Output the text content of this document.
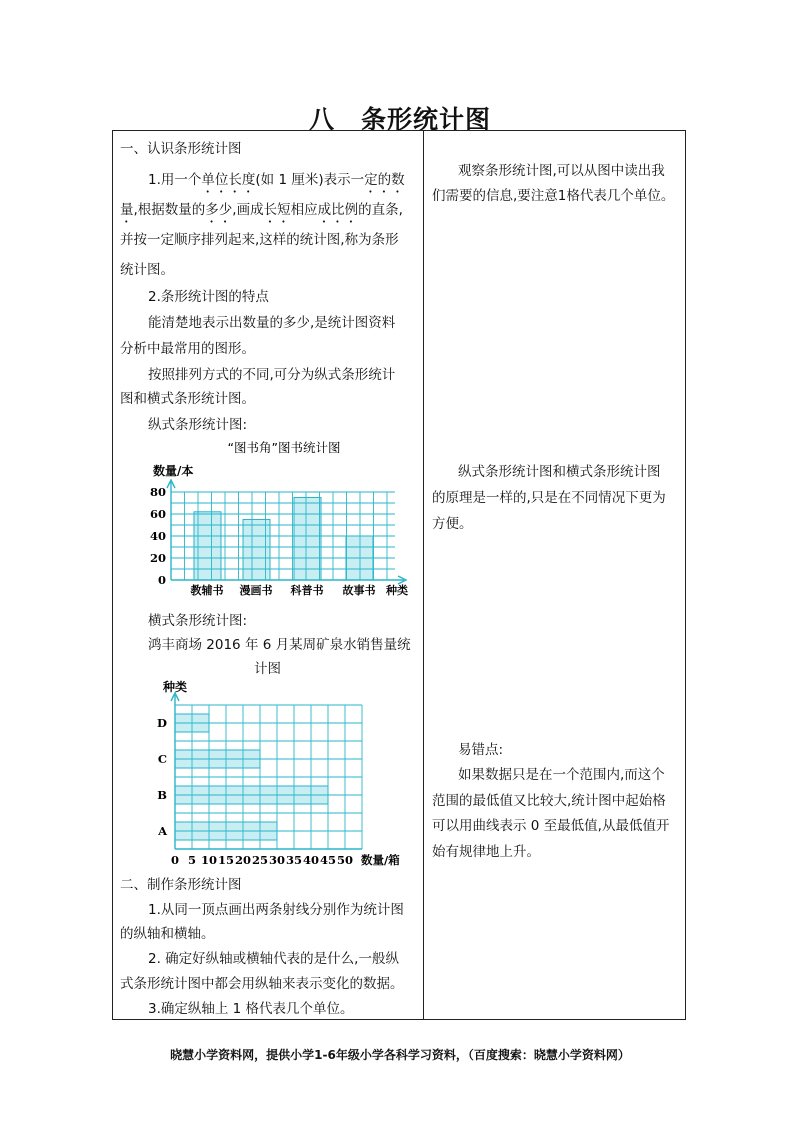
八　条形统计图
一、认识条形统计图
1.用一个单位长度(如 1 厘米)表示一定的数
量,根据数量的多少,画成长短相应成比例的直条,
并按一定顺序排列起来,这样的统计图,称为条形
统计图。
2.条形统计图的特点
能清楚地表示出数量的多少,是统计图资料
分析中最常用的图形。
按照排列方式的不同,可分为纵式条形统计
图和横式条形统计图。
纵式条形统计图:
“图书角”图书统计图
数量/本
种类
0
20
40
60
80
教辅书 漫画书 科普书 故事书
横式条形统计图:
鸿丰商场 2016 年 6 月某周矿泉水销售量统
计图
种类
数量/箱
A
B
C
D
0 5 10 15 20 25 30 35 40 45 50
二、制作条形统计图
1.从同一顶点画出两条射线分别作为统计图
的纵轴和横轴。
2. 确定好纵轴或横轴代表的是什么,一般纵
式条形统计图中都会用纵轴来表示变化的数据。
3.确定纵轴上 1 格代表几个单位。
观察条形统计图,可以从图中读出我
们需要的信息,要注意1格代表几个单位。
纵式条形统计图和横式条形统计图
的原理是一样的,只是在不同情况下更为
方便。
易错点:
如果数据只是在一个范围内,而这个
范围的最低值又比较大,统计图中起始格
可以用曲线表示 0 至最低值,从最低值开
始有规律地上升。
晓慧小学资料网，提供小学1-6年级小学各科学习资料，（百度搜索：晓慧小学资料网）
